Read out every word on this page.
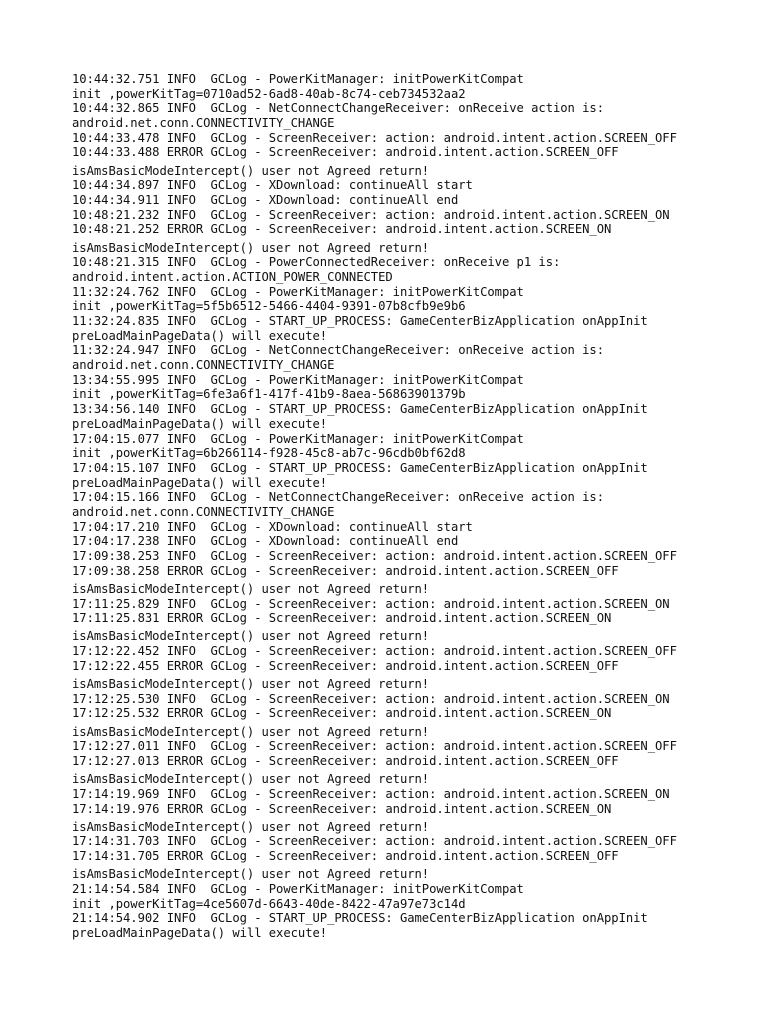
10:44:32.751 INFO  GCLog - PowerKitManager: initPowerKitCompat
init ,powerKitTag=0710ad52-6ad8-40ab-8c74-ceb734532aa2
10:44:32.865 INFO  GCLog - NetConnectChangeReceiver: onReceive action is:
android.net.conn.CONNECTIVITY_CHANGE
10:44:33.478 INFO  GCLog - ScreenReceiver: action: android.intent.action.SCREEN_OFF
10:44:33.488 ERROR GCLog - ScreenReceiver: android.intent.action.SCREEN_OFF
isAmsBasicModeIntercept() user not Agreed return!
10:44:34.897 INFO  GCLog - XDownload: continueAll start
10:44:34.911 INFO  GCLog - XDownload: continueAll end
10:48:21.232 INFO  GCLog - ScreenReceiver: action: android.intent.action.SCREEN_ON
10:48:21.252 ERROR GCLog - ScreenReceiver: android.intent.action.SCREEN_ON
isAmsBasicModeIntercept() user not Agreed return!
10:48:21.315 INFO  GCLog - PowerConnectedReceiver: onReceive p1 is:
android.intent.action.ACTION_POWER_CONNECTED
11:32:24.762 INFO  GCLog - PowerKitManager: initPowerKitCompat
init ,powerKitTag=5f5b6512-5466-4404-9391-07b8cfb9e9b6
11:32:24.835 INFO  GCLog - START_UP_PROCESS: GameCenterBizApplication onAppInit
preLoadMainPageData() will execute!
11:32:24.947 INFO  GCLog - NetConnectChangeReceiver: onReceive action is:
android.net.conn.CONNECTIVITY_CHANGE
13:34:55.995 INFO  GCLog - PowerKitManager: initPowerKitCompat
init ,powerKitTag=6fe3a6f1-417f-41b9-8aea-56863901379b
13:34:56.140 INFO  GCLog - START_UP_PROCESS: GameCenterBizApplication onAppInit
preLoadMainPageData() will execute!
17:04:15.077 INFO  GCLog - PowerKitManager: initPowerKitCompat
init ,powerKitTag=6b266114-f928-45c8-ab7c-96cdb0bf62d8
17:04:15.107 INFO  GCLog - START_UP_PROCESS: GameCenterBizApplication onAppInit
preLoadMainPageData() will execute!
17:04:15.166 INFO  GCLog - NetConnectChangeReceiver: onReceive action is:
android.net.conn.CONNECTIVITY_CHANGE
17:04:17.210 INFO  GCLog - XDownload: continueAll start
17:04:17.238 INFO  GCLog - XDownload: continueAll end
17:09:38.253 INFO  GCLog - ScreenReceiver: action: android.intent.action.SCREEN_OFF
17:09:38.258 ERROR GCLog - ScreenReceiver: android.intent.action.SCREEN_OFF
isAmsBasicModeIntercept() user not Agreed return!
17:11:25.829 INFO  GCLog - ScreenReceiver: action: android.intent.action.SCREEN_ON
17:11:25.831 ERROR GCLog - ScreenReceiver: android.intent.action.SCREEN_ON
isAmsBasicModeIntercept() user not Agreed return!
17:12:22.452 INFO  GCLog - ScreenReceiver: action: android.intent.action.SCREEN_OFF
17:12:22.455 ERROR GCLog - ScreenReceiver: android.intent.action.SCREEN_OFF
isAmsBasicModeIntercept() user not Agreed return!
17:12:25.530 INFO  GCLog - ScreenReceiver: action: android.intent.action.SCREEN_ON
17:12:25.532 ERROR GCLog - ScreenReceiver: android.intent.action.SCREEN_ON
isAmsBasicModeIntercept() user not Agreed return!
17:12:27.011 INFO  GCLog - ScreenReceiver: action: android.intent.action.SCREEN_OFF
17:12:27.013 ERROR GCLog - ScreenReceiver: android.intent.action.SCREEN_OFF
isAmsBasicModeIntercept() user not Agreed return!
17:14:19.969 INFO  GCLog - ScreenReceiver: action: android.intent.action.SCREEN_ON
17:14:19.976 ERROR GCLog - ScreenReceiver: android.intent.action.SCREEN_ON
isAmsBasicModeIntercept() user not Agreed return!
17:14:31.703 INFO  GCLog - ScreenReceiver: action: android.intent.action.SCREEN_OFF
17:14:31.705 ERROR GCLog - ScreenReceiver: android.intent.action.SCREEN_OFF
isAmsBasicModeIntercept() user not Agreed return!
21:14:54.584 INFO  GCLog - PowerKitManager: initPowerKitCompat
init ,powerKitTag=4ce5607d-6643-40de-8422-47a97e73c14d
21:14:54.902 INFO  GCLog - START_UP_PROCESS: GameCenterBizApplication onAppInit
preLoadMainPageData() will execute!
